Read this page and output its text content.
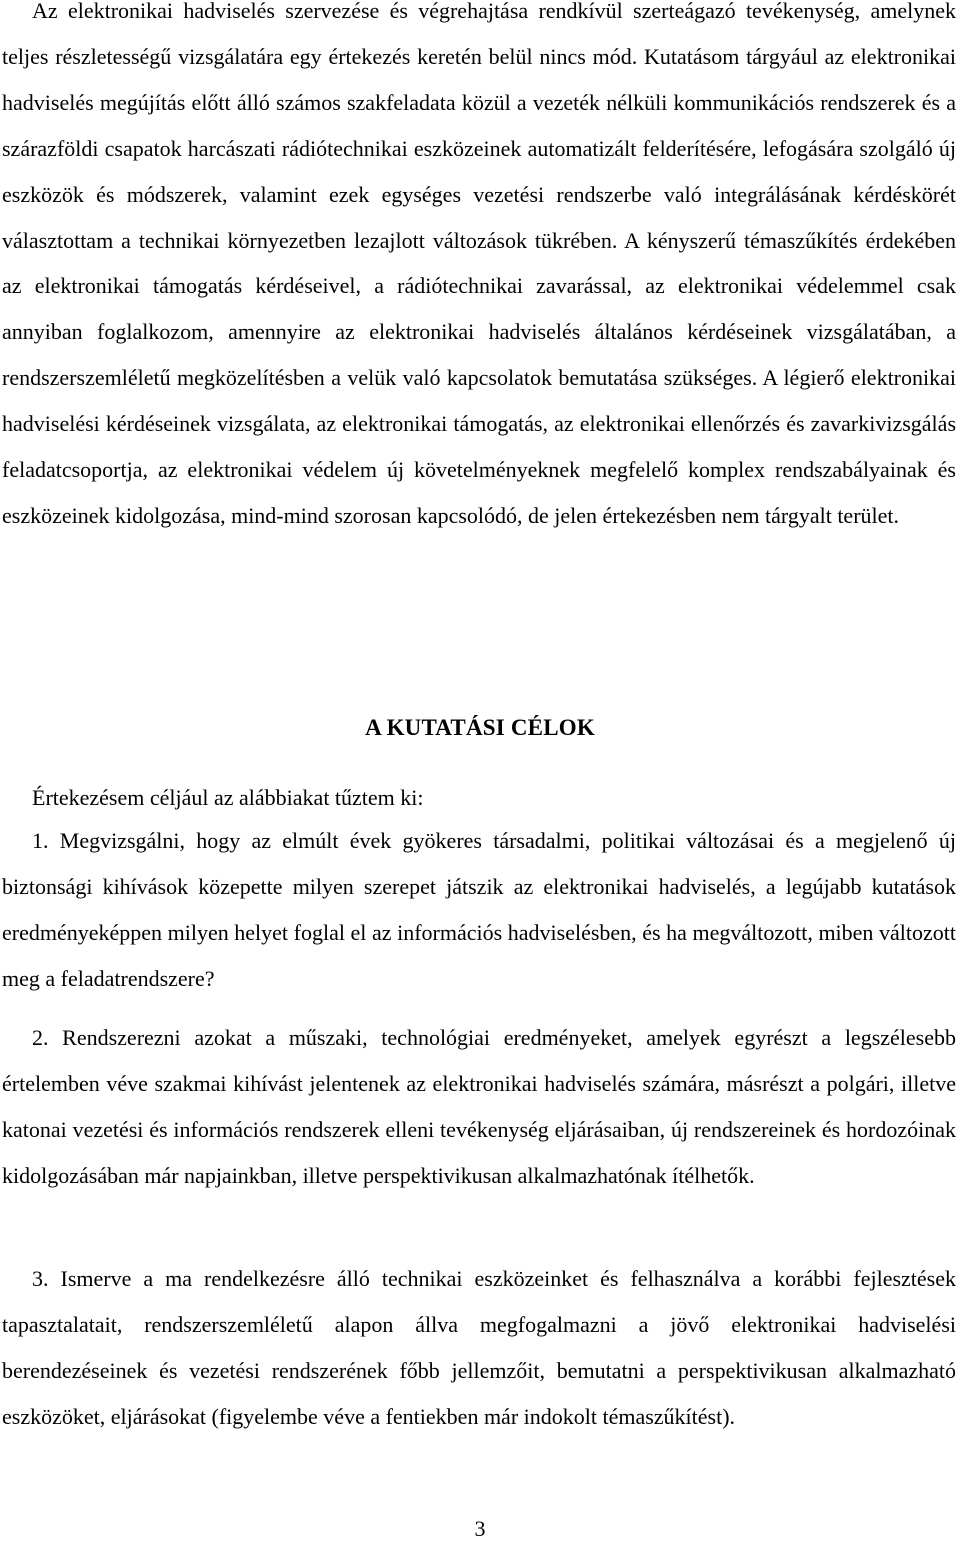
Az elektronikai hadviselés szervezése és végrehajtása rendkívül szerteágazó tevékenység, amelynek teljes részletességű vizsgálatára egy értekezés keretén belül nincs mód. Kutatásom tárgyául az elektronikai hadviselés megújítás előtt álló számos szakfeladata közül a vezeték nélküli kommunikációs rendszerek és a szárazföldi csapatok harcászati rádiótechnikai eszközeinek automatizált felderítésére, lefogására szolgáló új eszközök és módszerek, valamint ezek egységes vezetési rendszerbe való integrálásának kérdéskörét választottam a technikai környezetben lezajlott változások tükrében. A kényszerű témaszűkítés érdekében az elektronikai támogatás kérdéseivel, a rádiótechnikai zavarással, az elektronikai védelemmel csak annyiban foglalkozom, amennyire az elektronikai hadviselés általános kérdéseinek vizsgálatában, a rendszerszemléletű megközelítésben a velük való kapcsolatok bemutatása szükséges. A légierő elektronikai hadviselési kérdéseinek vizsgálata, az elektronikai támogatás, az elektronikai ellenőrzés és zavarkivizsgálás feladatcsoportja, az elektronikai védelem új követelményeknek megfelelő komplex rendszabályainak és eszközeinek kidolgozása, mind-mind szorosan kapcsolódó, de jelen értekezésben nem tárgyalt terület.

A KUTATÁSI CÉLOK

Értekezésem céljául az alábbiakat tűztem ki:

1. Megvizsgálni, hogy az elmúlt évek gyökeres társadalmi, politikai változásai és a megjelenő új biztonsági kihívások közepette milyen szerepet játszik az elektronikai hadviselés, a legújabb kutatások eredményeképpen milyen helyet foglal el az információs hadviselésben, és ha megváltozott, miben változott meg a feladatrendszere?

2. Rendszerezni azokat a műszaki, technológiai eredményeket, amelyek egyrészt a legszélesebb értelemben véve szakmai kihívást jelentenek az elektronikai hadviselés számára, másrészt a polgári, illetve katonai vezetési és információs rendszerek elleni tevékenység eljárásaiban, új rendszereinek és hordozóinak kidolgozásában már napjainkban, illetve perspektivikusan alkalmazhatónak ítélhetők.

3. Ismerve a ma rendelkezésre álló technikai eszközeinket és felhasználva a korábbi fejlesztések tapasztalatait, rendszerszemléletű alapon állva megfogalmazni a jövő elektronikai hadviselési berendezéseinek és vezetési rendszerének főbb jellemzőit, bemutatni a perspektivikusan alkalmazható eszközöket, eljárásokat (figyelembe véve a fentiekben már indokolt témaszűkítést).

3
